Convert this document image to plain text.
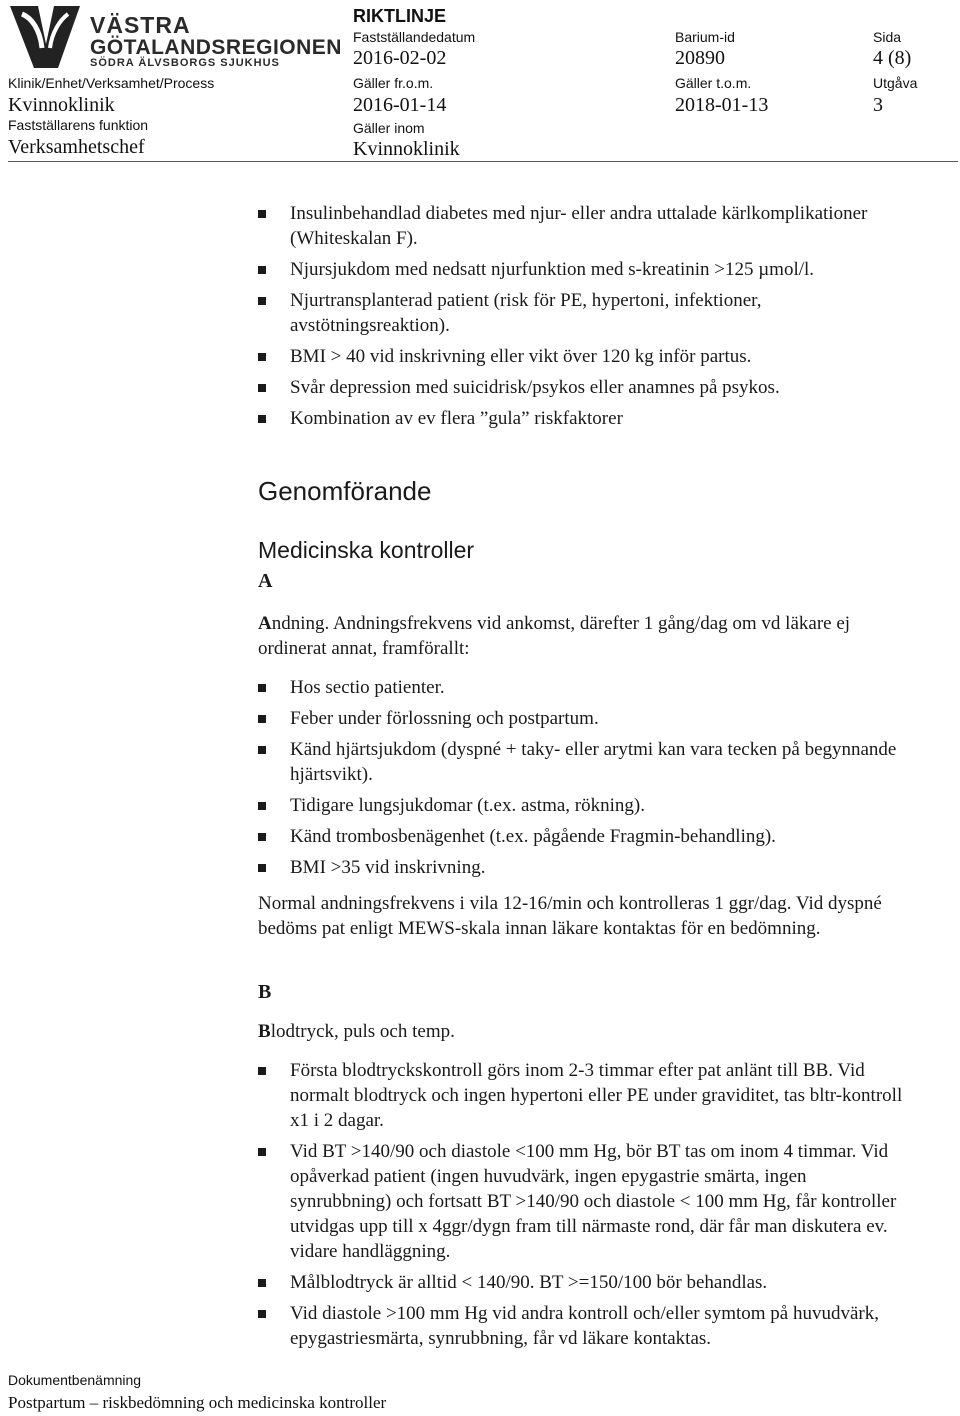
VÄSTRA
GÖTALANDSREGIONEN
SÖDRA ÄLVSBORGS SJUKHUS
RIKTLINJE
Klinik/Enhet/Verksamhet/Process
Kvinnoklinik
Fastställarens funktion
Verksamhetschef
Fastställandedatum
2016-02-02
Gäller fr.o.m.
2016-01-14
Gäller inom
Kvinnoklinik
Barium-id
20890
Gäller t.o.m.
2018-01-13
Sida
4 (8)
Utgåva
3
Insulinbehandlad diabetes med njur- eller andra uttalade kärlkomplikationer (Whiteskalan F).
Njursjukdom med nedsatt njurfunktion med s-kreatinin >125 µmol/l.
Njurtransplanterad patient (risk för PE, hypertoni, infektioner, avstötningsreaktion).
BMI > 40 vid inskrivning eller vikt över 120 kg inför partus.
Svår depression med suicidrisk/psykos eller anamnes på psykos.
Kombination av ev flera ”gula” riskfaktorer
Genomförande
Medicinska kontroller
A
Andning. Andningsfrekvens vid ankomst, därefter 1 gång/dag om vd läkare ej ordinerat annat, framförallt:
Hos sectio patienter.
Feber under förlossning och postpartum.
Känd hjärtsjukdom (dyspné + taky- eller arytmi kan vara tecken på begynnande hjärtsvikt).
Tidigare lungsjukdomar (t.ex. astma, rökning).
Känd trombosbenägenhet (t.ex. pågående Fragmin-behandling).
BMI >35 vid inskrivning.
Normal andningsfrekvens i vila 12-16/min och kontrolleras 1 ggr/dag. Vid dyspné bedöms pat enligt MEWS-skala innan läkare kontaktas för en bedömning.
B
Blodtryck, puls och temp.
Första blodtryckskontroll görs inom 2-3 timmar efter pat anlänt till BB. Vid normalt blodtryck och ingen hypertoni eller PE under graviditet, tas bltr-kontroll x1 i 2 dagar.
Vid BT >140/90 och diastole <100 mm Hg, bör BT tas om inom 4 timmar. Vid opåverkad patient (ingen huvudvärk, ingen epygastrie smärta, ingen synrubbning) och fortsatt BT >140/90 och diastole < 100 mm Hg, får kontroller utvidgas upp till x 4ggr/dygn fram till närmaste rond, där får man diskutera ev. vidare handläggning.
Målblodtryck är alltid < 140/90. BT >=150/100 bör behandlas.
Vid diastole >100 mm Hg vid andra kontroll och/eller symtom på huvudvärk, epygastriesmärta, synrubbning, får vd läkare kontaktas.
Dokumentbenämning
Postpartum – riskbedömning och medicinska kontroller
